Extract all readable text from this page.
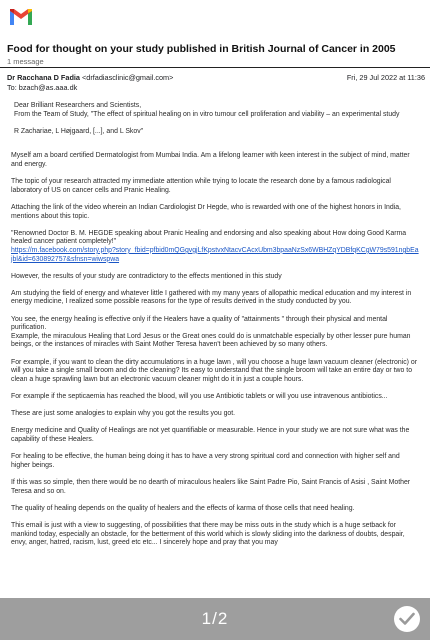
Food for thought on your study published in British Journal of Cancer in 2005
1 message
Dr Racchana D Fadia <drfadiasclinic@gmail.com>	Fri, 29 Jul 2022 at 11:36
To: bzach@as.aaa.dk

Dear Brilliant Researchers and Scientists,
From the Team of Study, "The effect of spiritual healing on in vitro tumour cell proliferation and viability – an experimental study

R Zachariae, L Højgaard, [...], and L Skov"

Myself am a board certified Dermatologist from Mumbai India. Am a lifelong learner with keen interest in the subject of mind, matter and energy.

The topic of your research attracted my immediate attention while trying to locate the research done by a famous radiological laboratory of US on cancer cells and Pranic Healing.

Attaching the link of the video wherein an Indian Cardiologist Dr Hegde, who is rewarded with one of the highest honors in India, mentions about this topic.

"Renowned Doctor B. M. HEGDE speaking about Pranic Healing and endorsing and also speaking about How doing Good Karma healed cancer patient completely!"
https://m.facebook.com/story.php?story_fbid=pfbid0mQGgvgjLfKpstvxNtacvCAcxUbm3bpaaNzSx6WBHZqYDBfqKCgW79s591ngbEajbl&id=630892757&sfnsn=wiwspwa

However, the results of your study are contradictory to the effects mentioned in this study

Am studying the field of energy and whatever little I gathered with my many years of allopathic medical education and my interest in energy medicine, I realized some possible reasons for the type of results derived in the study conducted by you.

You see, the energy healing is effective only if the Healers have a quality of "attainments " through their physical and mental purification.
Example, the miraculous Healing that Lord Jesus or the Great ones could do is unmatchable especially by other lesser pure human beings, or the instances of miracles with Saint Mother Teresa haven't been achieved by so many others.

For example, if you want to clean the dirty accumulations in a huge lawn , will you choose a huge lawn vacuum cleaner (electronic) or will you take a single small broom and do the cleaning? Its easy to understand that the single broom will take an entire day or two to clean a huge sprawling lawn but an electronic vacuum cleaner might do it in just a couple hours.

For example if the septicaemia has reached the blood, will you use Antibiotic tablets or will you use intravenous antibiotics...

These are just some analogies to explain why you got the results you got.

Energy medicine and Quality of Healings are not yet quantifiable or measurable. Hence in your study we are not sure what was the capability of these Healers.

For healing to be effective, the human being doing it has to have a very strong spiritual cord and connection with higher self and higher beings.

If this was so simple, then there would be no dearth of miraculous healers like Saint Padre Pio, Saint Francis of Asisi , Saint Mother Teresa and so on.

The quality of healing depends on the quality of healers and the effects of karma of those cells that need healing.

This email is just with a view to suggesting, of possibilities that there may be miss outs in the study which is a huge setback for mankind today, especially an obstacle, for the betterment of this world which is slowly sliding into the darkness of doubts, despair, envy, anger, hatred, racism, lust, greed etc etc... I sincerely hope and pray that you may

1/2
